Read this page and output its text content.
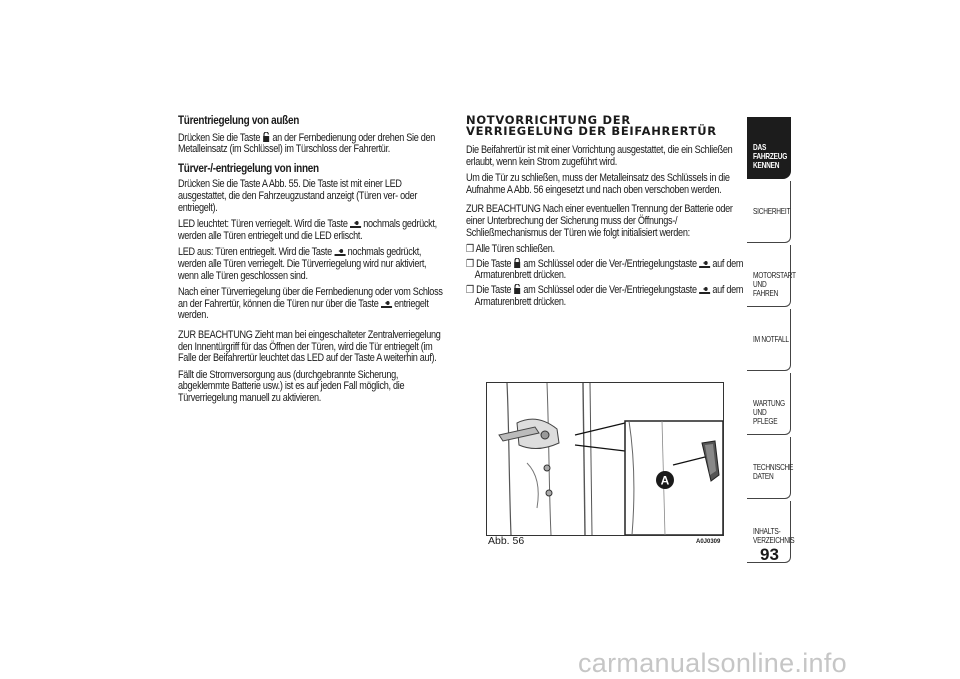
Türentriegelung von außen

Drücken Sie die Taste  an der Fernbedienung oder drehen Sie den Metalleinsatz (im Schlüssel) im Türschloss der Fahrertür.

Türver-/-entriegelung von innen

Drücken Sie die Taste A Abb. 55. Die Taste ist mit einer LED ausgestattet, die den Fahrzeugzustand anzeigt (Türen ver- oder entriegelt).

LED leuchtet: Türen verriegelt. Wird die Taste  nochmals gedrückt, werden alle Türen entriegelt und die LED erlischt.

LED aus: Türen entriegelt. Wird die Taste  nochmals gedrückt, werden alle Türen verriegelt. Die Türverriegelung wird nur aktiviert, wenn alle Türen geschlossen sind.

Nach einer Türverriegelung über die Fernbedienung oder vom Schloss an der Fahrertür, können die Türen nur über die Taste  entriegelt werden.

ZUR BEACHTUNG Zieht man bei eingeschalteter Zentralverriegelung den Innentürgriff für das Öffnen der Türen, wird die Tür entriegelt (im Falle der Beifahrertür leuchtet das LED auf der Taste A weiterhin auf).

Fällt die Stromversorgung aus (durchgebrannte Sicherung, abgeklemmte Batterie usw.) ist es auf jeden Fall möglich, die Türverriegelung manuell zu aktivieren.

NOTVORRICHTUNG DER
VERRIEGELUNG DER BEIFAHRERTÜR

Die Beifahrertür ist mit einer Vorrichtung ausgestattet, die ein Schließen erlaubt, wenn kein Strom zugeführt wird.

Um die Tür zu schließen, muss der Metalleinsatz des Schlüssels in die Aufnahme A Abb. 56 eingesetzt und nach oben verschoben werden.

ZUR BEACHTUNG Nach einer eventuellen Trennung der Batterie oder einer Unterbrechung der Sicherung muss der Öffnungs-/ Schließmechanismus der Türen wie folgt initialisiert werden:

❒ Alle Türen schließen.

❒ Die Taste  am Schlüssel oder die Ver-/Entriegelungstaste  auf dem Armaturenbrett drücken.

❒ Die Taste  am Schlüssel oder die Ver-/Entriegelungstaste  auf dem Armaturenbrett drücken.

A
Abb. 56	A0J0309
DAS FAHRZEUG
KENNEN
SICHERHEIT
MOTORSTART UND
FAHREN
IM NOTFALL
WARTUNG UND
PFLEGE
TECHNISCHE DATEN
INHALTS-
VERZEICHNIS
93
carmanualsonline.info
